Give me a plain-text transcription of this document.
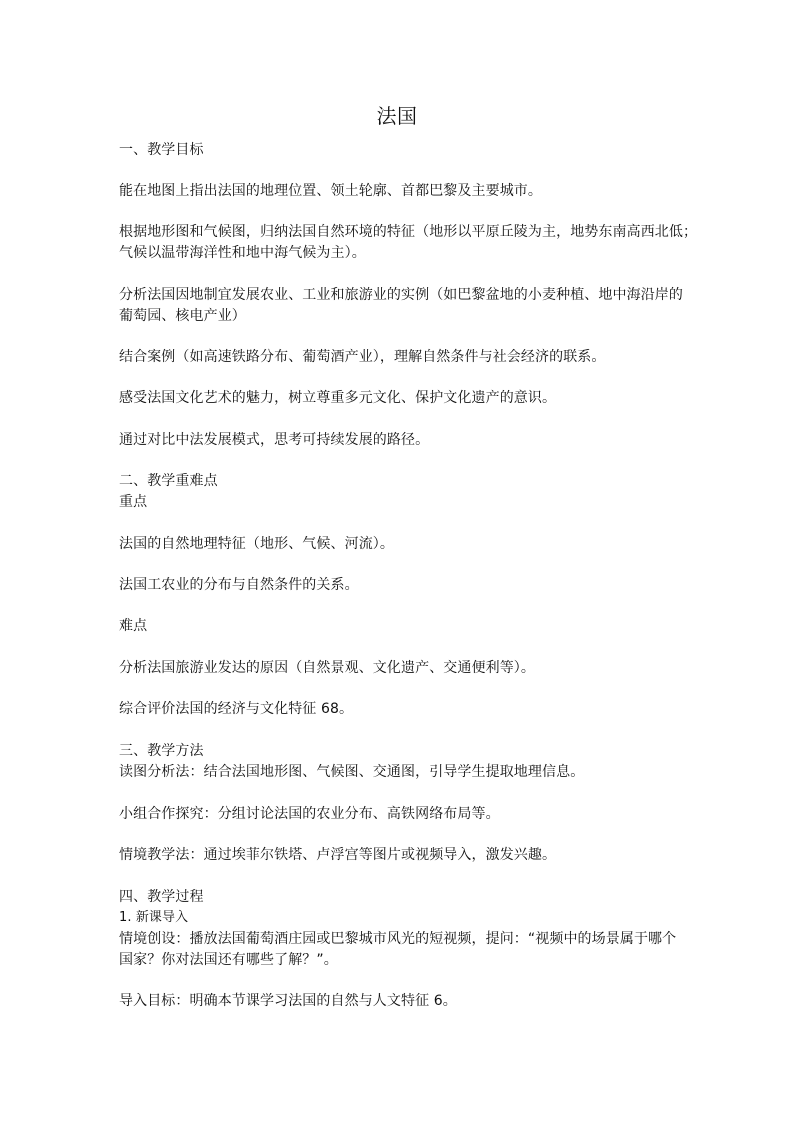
法国
一、教学目标
能在地图上指出法国的地理位置、领土轮廓、首都巴黎及主要城市。
根据地形图和气候图，归纳法国自然环境的特征（地形以平原丘陵为主，地势东南高西北低；
气候以温带海洋性和地中海气候为主）。
分析法国因地制宜发展农业、工业和旅游业的实例（如巴黎盆地的小麦种植、地中海沿岸的
葡萄园、核电产业）
结合案例（如高速铁路分布、葡萄酒产业），理解自然条件与社会经济的联系。
感受法国文化艺术的魅力，树立尊重多元文化、保护文化遗产的意识。
通过对比中法发展模式，思考可持续发展的路径。
二、教学重难点
重点
法国的自然地理特征（地形、气候、河流）。
法国工农业的分布与自然条件的关系。
难点
分析法国旅游业发达的原因（自然景观、文化遗产、交通便利等）。
综合评价法国的经济与文化特征 68。
三、教学方法
读图分析法：结合法国地形图、气候图、交通图，引导学生提取地理信息。
小组合作探究：分组讨论法国的农业分布、高铁网络布局等。
情境教学法：通过埃菲尔铁塔、卢浮宫等图片或视频导入，激发兴趣。
四、教学过程
1. 新课导入
情境创设：播放法国葡萄酒庄园或巴黎城市风光的短视频，提问：“视频中的场景属于哪个
国家？你对法国还有哪些了解？”。
导入目标：明确本节课学习法国的自然与人文特征 6。
